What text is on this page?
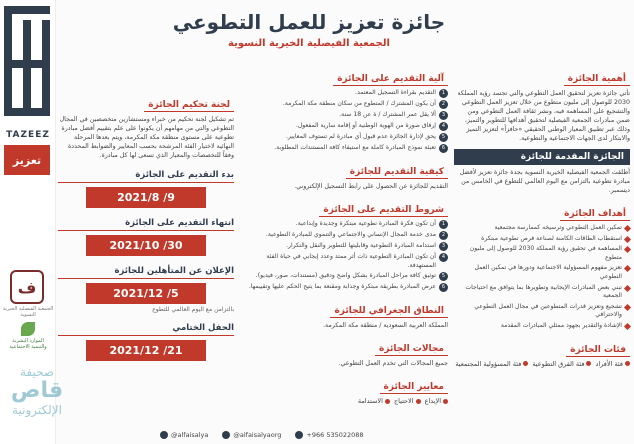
TAZEEZ
تعزيز
ف
الجمعية الفيصلية الخيرية النسوية
الموارد البشرية والتنمية الاجتماعية
صحيفة
قاص
الإلكترونية
جائزة تعزيز للعمل التطوعي
الجمعية الفيصلية الخيرية النسوية
أهمية الجائزة

تأتي جائزة تعزيز لتحقيق العمل التطوعي والتي تجسد رؤية المملكة 2030 للوصول إلى مليون متطوع من خلال تعزيز العمل التطوعي والتشجيع على المساهمة فيه، ونشر ثقافة العمل التطوعي ومن ضمن مبادرات الجمعية الفيصلية لتحقيق أهدافها للتطوير والتميز، وذلك عبر تطبيق المعيار الوطني الحقيقي «حافزاً» لتعزيز التميز والابتكار لدى الجهات الاجتماعية والتطوعية.

الجائزة المقدمة للجائزة

أطلقت الجمعية الفيصلية الخيرية النسوية بجدة جائزة تعزيز لأفضل مبادرة تطوعية بالتزامن مع اليوم العالمي للتطوع في الخامس من ديسمبر.

أهداف الجائزة
تمكين العمل التطوعي وترسيخه كممارسة مجتمعية
استقطاب الطاقات الكامنة لصناعة فرص تطوعية مبتكرة
المساهمة في تحقيق رؤية المملكة 2030 للوصول إلى مليون متطوع
تعزيز مفهوم المسؤولية الاجتماعية ودورها في تمكين العمل التطوعي
تبني بعض المبادرات الإيجابية وتطويرها بما يتوافق مع احتياجات الجمعية
تشجيع وتعزيز قدرات المتطوعين في مجال العمل التطوعي والاحترافي
الإشادة والتقدير بجهود ممثلي المبادرات المقدمة
فئات الجائزة
فئة الأفراد
فئة الفرق التطوعية
فئة المسؤولية المجتمعية
آلية التقديم على الجائزة
1
التقديم بقراءة التسجيل المعتمد.
2
أن يكون المشترك / المتطوع من سكان منطقة مكة المكرمة.
3
ألا يقل عمر المشترك / ة عن 18 سنة.
4
إرفاق صورة من الهوية الوطنية أو إقامة سارية المفعول.
5
يحق لإدارة الجائزة عدم قبول أي مبادرة لم تستوف المعايير.
6
تعبئة نموذج المبادرة كاملة مع استيفاء كافة المستندات المطلوبة.
كيفية التقديم للجائزة

التقديم للجائزة عن الحصول على رابط التسجيل الإلكتروني.

شروط التقديم على الجائزة
1
أن تكون فكرة المبادرة تطوعية مبتكرة وجديدة وإبداعية.
2
مدى خدمة المجال الإنساني والاجتماعي والتنموي للمبادرة التطوعية.
3
استدامة المبادرة التطوعية وقابليتها للتطوير والنقل والتكرار.
4
أن تكون المبادرة التطوعية ذات أثر ممتد وعدد إيجابي في حياة الفئة المستهدفة.
5
توثيق كافة مراحل المبادرة بشكل واضح ودقيق (مستندات، صور، فيديو).
6
عرض المبادرة بطريقة مبتكرة وجذابة ومقنعة بما يتيح الحكم عليها وتقييمها.
النطاق الجغرافي للجائزة

المملكة العربية السعودية / منطقة مكة المكرمة.

مجالات الجائزة

جميع المجالات التي تخدم العمل التطوعي.

معايير الجائزة
الإبداع
الاحتياج
الاستدامة
لجنة تحكيم الجائزة

تم تشكيل لجنة تحكيم من خبراء ومستشارين متخصصين في المجال التطوعي والتي من مهامهم أن يكونوا على علم بتقييم أفضل مبادرة تطوعية على مستوى منطقة مكة المكرمة، ويتم بعدها المرحلة النهائية لاختيار الفئة المرشحة بحسب المعايير والضوابط المحددة وفقاً للتخصصات والمعيار الذي تسعى لها كل مبادرة.

بدء التقديم على الجائزة
2021/8 /9
انتهاء التقديم على الجائزة
2021/10 /30
الإعلان عن المتأهلين للجائزة
2021/12 /5
بالتزامن مع اليوم العالمي للتطوع
الحفل الختامي
2021/12 /21
@alfaisalya	@alfaisalyaorg	+966 535022088
